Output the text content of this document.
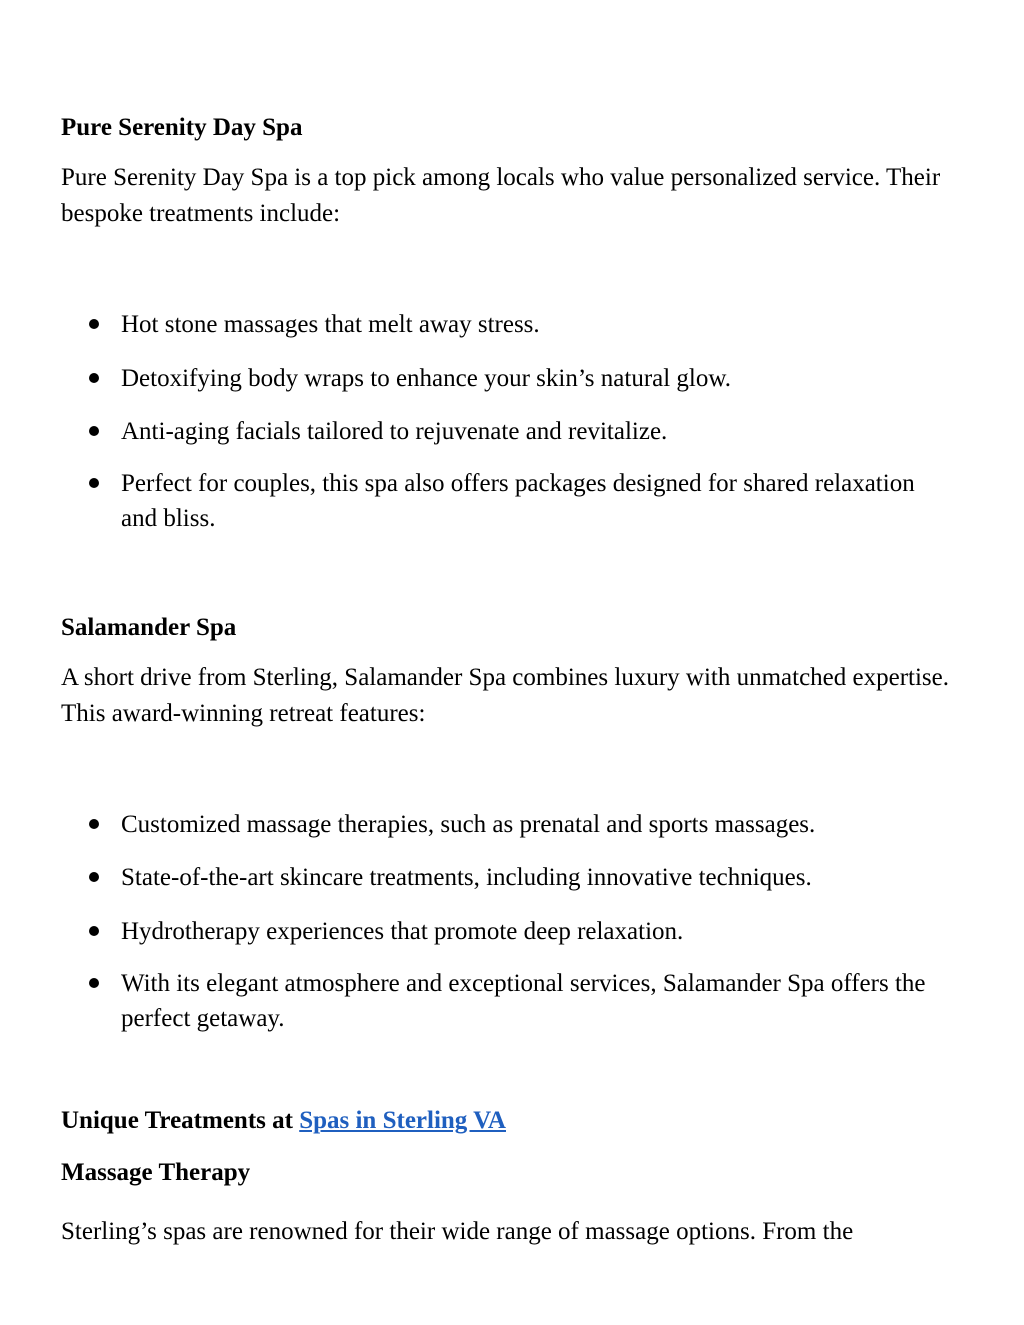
Pure Serenity Day Spa

Pure Serenity Day Spa is a top pick among locals who value personalized service. Their bespoke treatments include:

Hot stone massages that melt away stress.
Detoxifying body wraps to enhance your skin’s natural glow.
Anti-aging facials tailored to rejuvenate and revitalize.
Perfect for couples, this spa also offers packages designed for shared relaxation and bliss.
Salamander Spa

A short drive from Sterling, Salamander Spa combines luxury with unmatched expertise. This award-winning retreat features:

Customized massage therapies, such as prenatal and sports massages.
State-of-the-art skincare treatments, including innovative techniques.
Hydrotherapy experiences that promote deep relaxation.
With its elegant atmosphere and exceptional services, Salamander Spa offers the perfect getaway.
Unique Treatments at Spas in Sterling VA
Massage Therapy

Sterling’s spas are renowned for their wide range of massage options. From the
